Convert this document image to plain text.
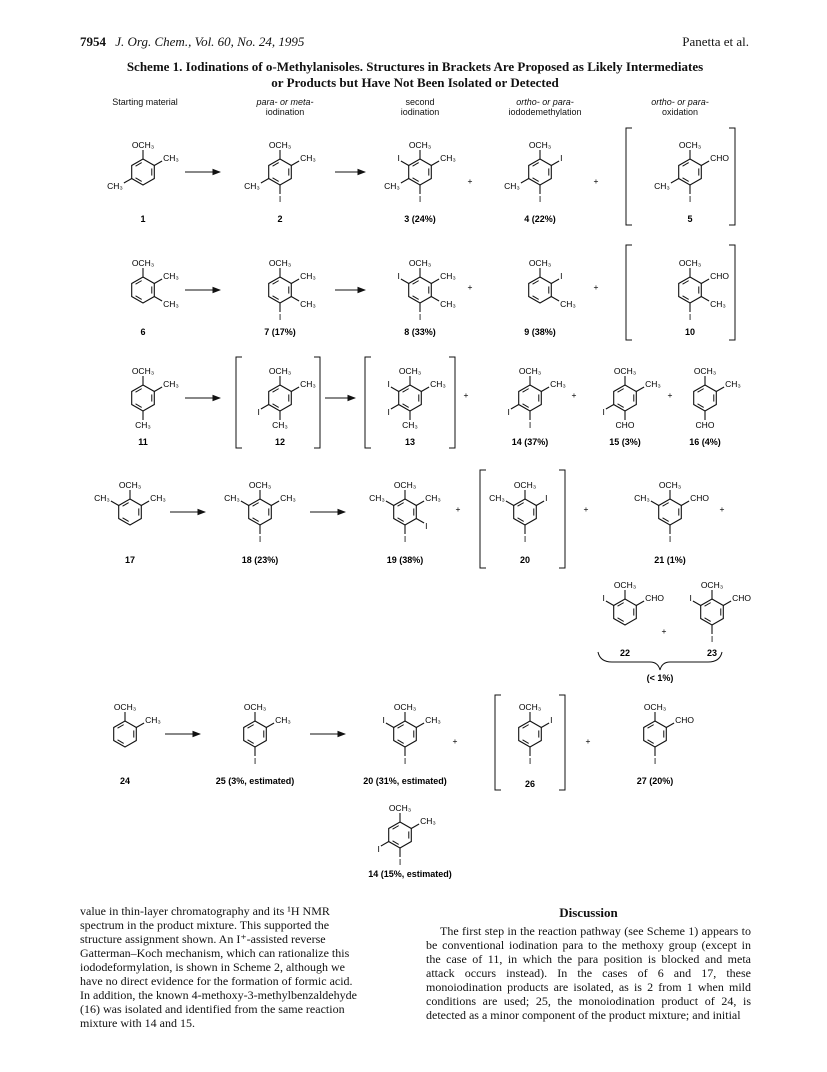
7954 J. Org. Chem., Vol. 60, No. 24, 1995	Panetta et al.
Scheme 1. Iodinations of o-Methylanisoles. Structures in Brackets Are Proposed as Likely Intermediates
or Products but Have Not Been Isolated or Detected
Starting material	para- or meta-
iodination
second
iodination
ortho- or para-
iododemethylation
ortho- or para-
oxidation
OCH₃
CH₃
CH₃
1
OCH₃
CH₃
CH₃
I
2
OCH₃
CH₃
CH₃
I
I
3 (24%)
+
OCH₃
I
CH₃
I
4 (22%)
+
OCH₃
CHO
CH₃
I
5
OCH₃
CH₃
CH₃
6
OCH₃
CH₃
CH₃
I
7 (17%)
OCH₃
CH₃
CH₃
I
I
8 (33%)
+
OCH₃
I
CH₃
9 (38%)
+
OCH₃
CHO
CH₃
I
10
OCH₃
CH₃
CH₃
11
OCH₃
CH₃
CH₃
I
12
OCH₃
CH₃
CH₃
I
I
13
+
OCH₃
CH₃
I
I
14 (37%)
+
OCH₃
CH₃
CHO
I
15 (3%)
+
OCH₃
CH₃
CHO
16 (4%)
OCH₃
CH₃
CH₃
17
OCH₃
CH₃
CH₃
I
18 (23%)
OCH₃
CH₃
CH₃
I
I
19 (38%)
+
OCH₃
I
CH₃
I
20
+
OCH₃
CHO
CH₃
I
21 (1%)
+
OCH₃
CHO
I
22
+
OCH₃
CHO
I
I
23
(< 1%)
OCH₃
CH₃
24
OCH₃
CH₃
I
25 (3%, estimated)
OCH₃
CH₃
I
I
20 (31%, estimated)
+
OCH₃
I
I
26
+
OCH₃
CHO
I
27 (20%)
OCH₃
CH₃
I
I
14 (15%, estimated)
value in thin-layer chromatography and its ¹H NMR
spectrum in the product mixture. This supported the
structure assignment shown. An I⁺-assisted reverse
Gatterman–Koch mechanism, which can rationalize this
iododeformylation, is shown in Scheme 2, although we
have no direct evidence for the formation of formic acid.
In addition, the known 4-methoxy-3-methylbenzaldehyde
(16) was isolated and identified from the same reaction
mixture with 14 and 15.
Discussion
The first step in the reaction pathway (see Scheme 1) appears to be conventional iodination para to the methoxy group (except in the case of 11, in which the para position is blocked and meta attack occurs instead). In the cases of 6 and 17, these monoiodination products are isolated, as is 2 from 1 when mild conditions are used; 25, the monoiodination product of 24, is detected as a minor component of the product mixture; and initial
